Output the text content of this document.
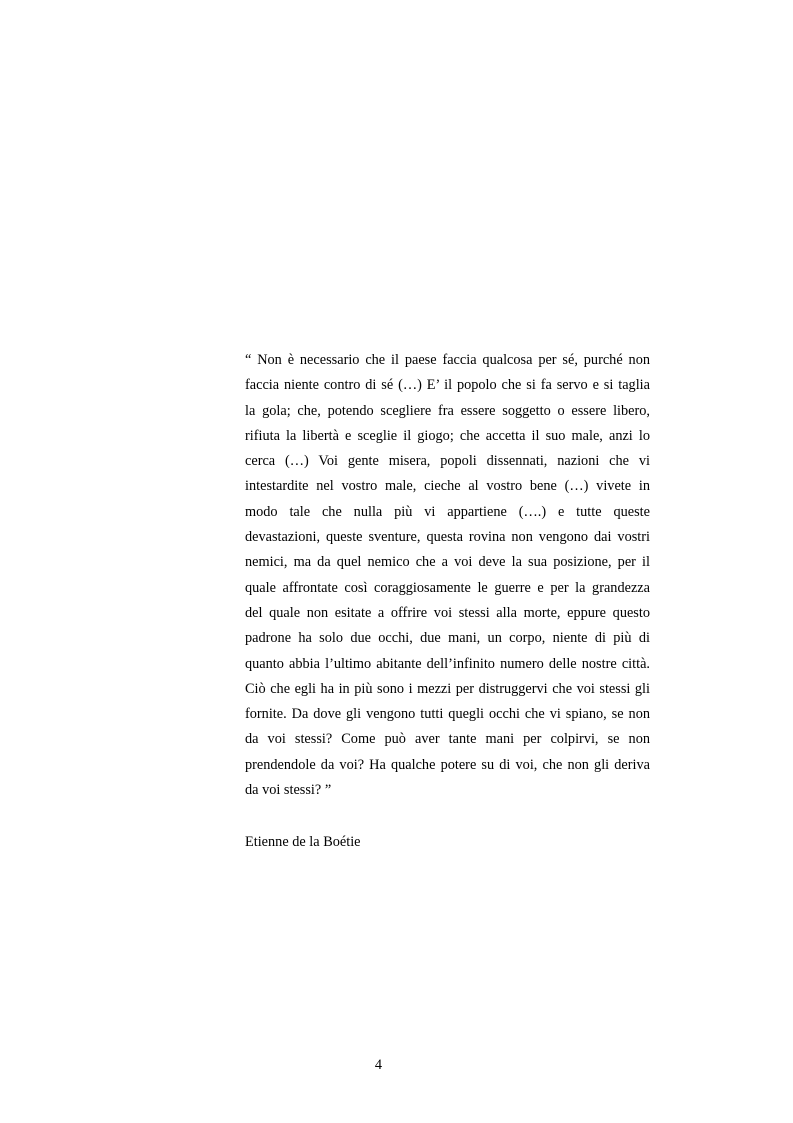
“ Non è necessario che il paese faccia qualcosa per sé, purché non
faccia niente contro di sé (…) E’ il popolo che si fa servo e si taglia
la gola; che, potendo scegliere fra essere soggetto o essere libero,
rifiuta la libertà e sceglie il giogo; che accetta il suo male, anzi lo
cerca (…) Voi gente misera, popoli dissennati, nazioni che vi
intestardite nel vostro male, cieche al vostro bene (…) vivete in
modo tale che nulla più vi appartiene (….) e tutte queste
devastazioni, queste sventure, questa rovina non vengono dai vostri
nemici, ma da quel nemico che a voi deve la sua posizione, per il
quale affrontate così coraggiosamente le guerre e per la grandezza
del quale non esitate a offrire voi stessi alla morte, eppure questo
padrone ha solo due occhi, due mani, un corpo, niente di più di
quanto abbia l’ultimo abitante dell’infinito numero delle nostre città.
Ciò che egli ha in più sono i mezzi per distruggervi che voi stessi gli
fornite. Da dove gli vengono tutti quegli occhi che vi spiano, se non
da voi stessi? Come può aver tante mani per colpirvi, se non
prendendole da voi? Ha qualche potere su di voi, che non gli deriva
da voi stessi? ”

Etienne de la Boétie

4
